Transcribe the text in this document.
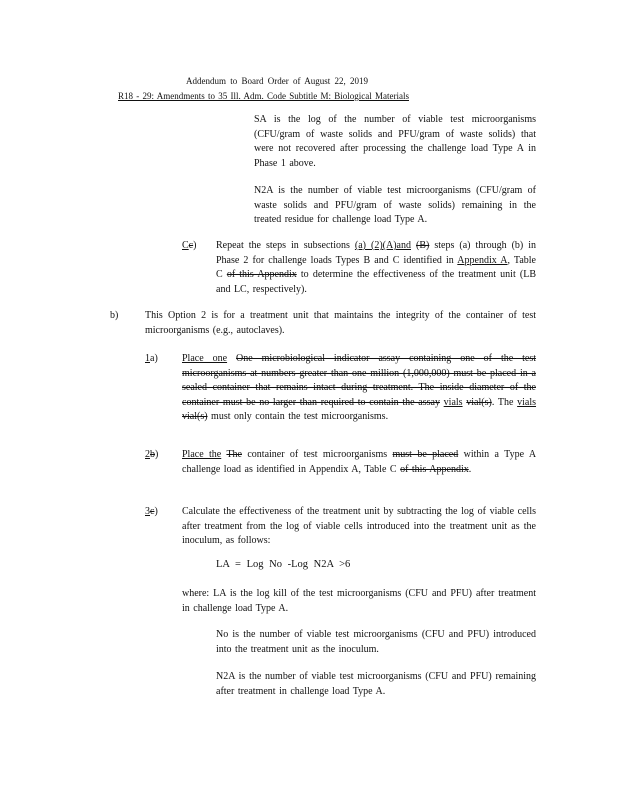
Addendum to Board Order of August 22, 2019
R18 - 29: Amendments to 35 Ill. Adm. Code Subtitle M: Biological Materials
SA is the log of the number of viable test microorganisms (CFU/gram of waste solids and PFU/gram of waste solids) that were not recovered after processing the challenge load Type A in Phase 1 above.
N2A is the number of viable test microorganisms (CFU/gram of waste solids and PFU/gram of waste solids) remaining in the treated residue for challenge load Type A.
Cc) Repeat the steps in subsections (a) (2)(A)and (B) steps (a) through (b) in Phase 2 for challenge loads Types B and C identified in Appendix A, Table C of this Appendix to determine the effectiveness of the treatment unit (LB and LC, respectively).
b)	This Option 2 is for a treatment unit that maintains the integrity of the container of test microorganisms (e.g., autoclaves).
1a) Place one One microbiological indicator assay containing one of the test microorganisms at numbers greater than one million (1,000,000) must be placed in a sealed container that remains intact during treatment. The inside diameter of the container must be no larger than required to contain the assay vials vial(s). The vials vial(s) must only contain the test microorganisms.
2b) Place the The container of test microorganisms must be placed within a Type A challenge load as identified in Appendix A, Table C of this Appendix.
3c) Calculate the effectiveness of the treatment unit by subtracting the log of viable cells after treatment from the log of viable cells introduced into the treatment unit as the inoculum, as follows:
LA = Log No -Log N2A >6
where: LA is the log kill of the test microorganisms (CFU and PFU) after treatment in challenge load Type A.
No is the number of viable test microorganisms (CFU and PFU) introduced into the treatment unit as the inoculum.
N2A is the number of viable test microorganisms (CFU and PFU) remaining after treatment in challenge load Type A.
